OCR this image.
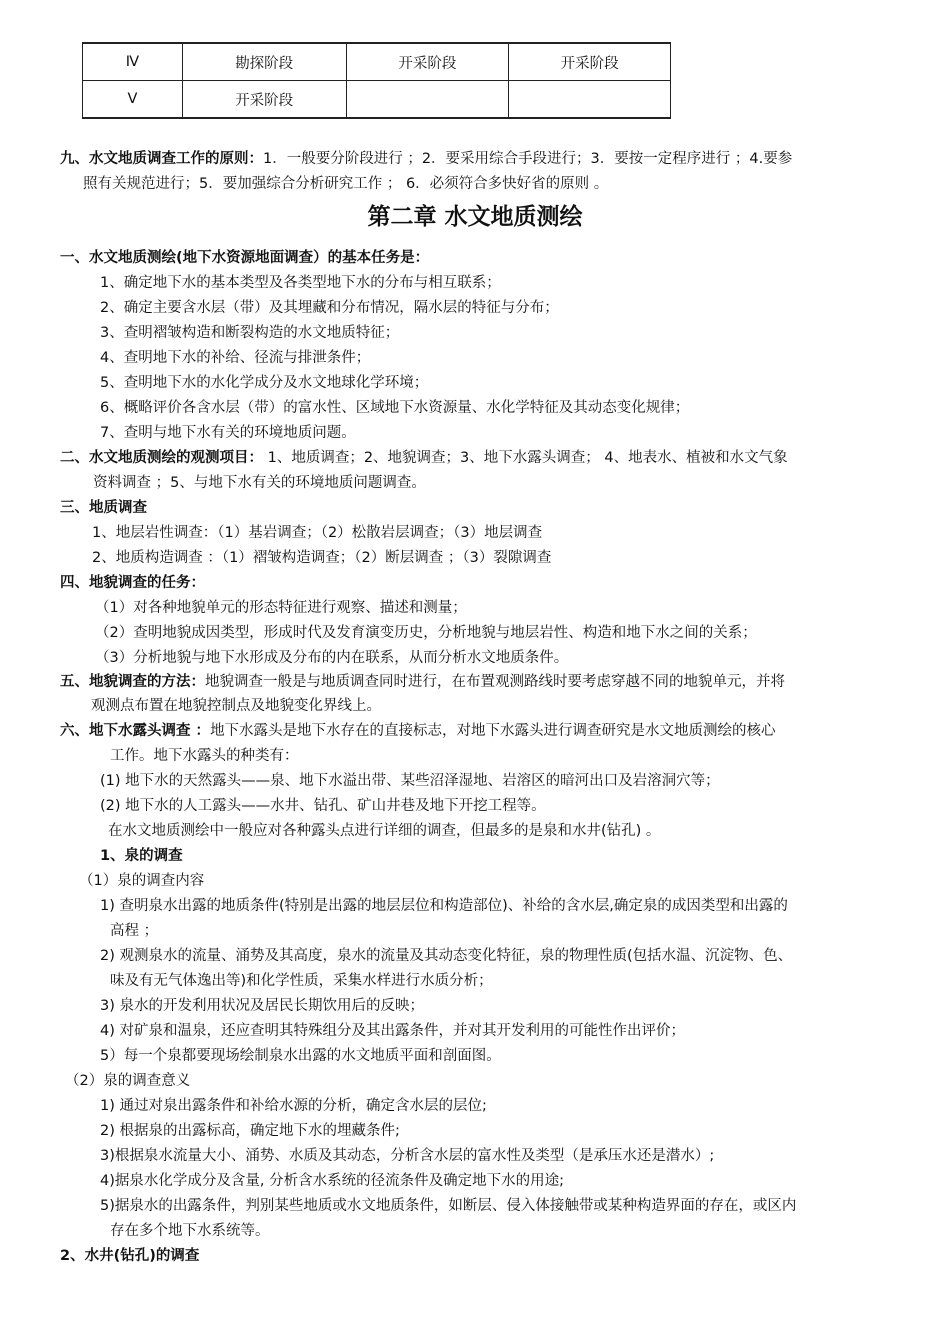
Ⅳ	勘探阶段	开采阶段	开采阶段
Ⅴ	开采阶段		
九、水文地质调查工作的原则：1．一般要分阶段进行 ；2．要采用综合手段进行；3．要按一定程序进行 ；4.要参
照有关规范进行；5．要加强综合分析研究工作 ； 6．必须符合多快好省的原则 。
第二章 水文地质测绘
一、水文地质测绘(地下水资源地面调查）的基本任务是：
1、确定地下水的基本类型及各类型地下水的分布与相互联系；
2、确定主要含水层（带）及其埋藏和分布情况，隔水层的特征与分布；
3、查明褶皱构造和断裂构造的水文地质特征；
4、查明地下水的补给、径流与排泄条件；
5、查明地下水的水化学成分及水文地球化学环境；
6、概略评价各含水层（带）的富水性、区域地下水资源量、水化学特征及其动态变化规律；
7、查明与地下水有关的环境地质问题。
二、水文地质测绘的观测项目： 1、地质调查；2、地貌调查；3、地下水露头调查； 4、地表水、植被和水文气象
资料调查 ；5、与地下水有关的环境地质问题调查。
三、地质调查
1、地层岩性调查：（1）基岩调查；（2）松散岩层调查；（3）地层调查
2、地质构造调查 ：（1）褶皱构造调查；（2）断层调查 ；（3）裂隙调查
四、地貌调查的任务：
（1）对各种地貌单元的形态特征进行观察、描述和测量；
（2）查明地貌成因类型，形成时代及发育演变历史，分析地貌与地层岩性、构造和地下水之间的关系；
（3）分析地貌与地下水形成及分布的内在联系，从而分析水文地质条件。
五、地貌调查的方法：地貌调查一般是与地质调查同时进行，在布置观测路线时要考虑穿越不同的地貌单元，并将
观测点布置在地貌控制点及地貌变化界线上。
六、地下水露头调查 ：地下水露头是地下水存在的直接标志，对地下水露头进行调查研究是水文地质测绘的核心
工作。地下水露头的种类有：
(1) 地下水的天然露头——泉、地下水溢出带、某些沼泽湿地、岩溶区的暗河出口及岩溶洞穴等；
(2) 地下水的人工露头——水井、钻孔、矿山井巷及地下开挖工程等。
在水文地质测绘中一般应对各种露头点进行详细的调查，但最多的是泉和水井(钻孔) 。
1、泉的调查
（1）泉的调查内容
1) 查明泉水出露的地质条件(特别是出露的地层层位和构造部位)、补给的含水层,确定泉的成因类型和出露的
高程 ；
2) 观测泉水的流量、涌势及其高度，泉水的流量及其动态变化特征，泉的物理性质(包括水温、沉淀物、色、
味及有无气体逸出等)和化学性质，采集水样进行水质分析；
3) 泉水的开发利用状况及居民长期饮用后的反映；
4) 对矿泉和温泉，还应查明其特殊组分及其出露条件，并对其开发利用的可能性作出评价；
5）每一个泉都要现场绘制泉水出露的水文地质平面和剖面图。
（2）泉的调查意义
1) 通过对泉出露条件和补给水源的分析，确定含水层的层位;
2) 根据泉的出露标高，确定地下水的埋藏条件;
3)根据泉水流量大小、涌势、水质及其动态，分析含水层的富水性及类型（是承压水还是潜水）;
4)据泉水化学成分及含量, 分析含水系统的径流条件及确定地下水的用途;
5)据泉水的出露条件，判别某些地质或水文地质条件，如断层、侵入体接触带或某种构造界面的存在，或区内
存在多个地下水系统等。
2、水井(钻孔)的调查
